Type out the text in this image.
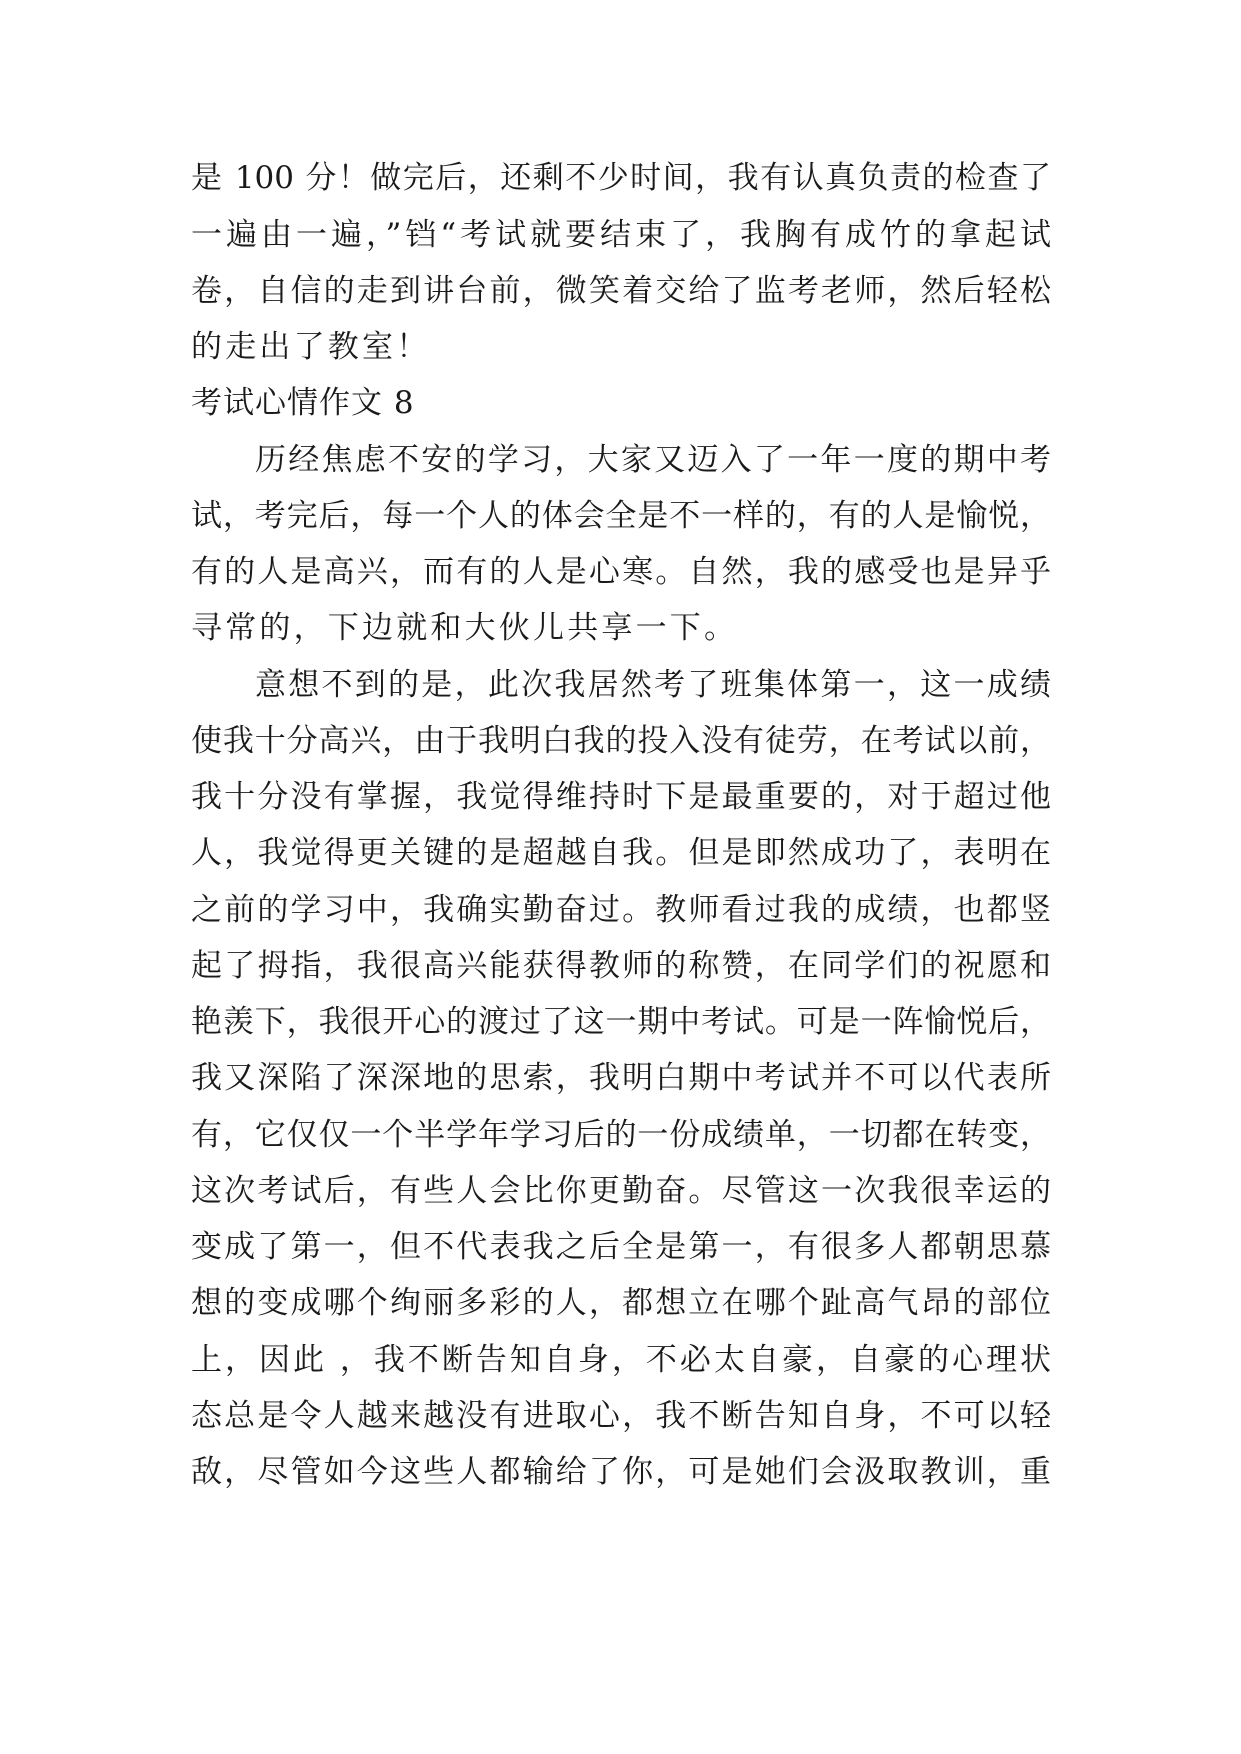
是 100 分！做完后，还剩不少时间，我有认真负责的检查了
一遍由一遍，”铛“考试就要结束了，我胸有成竹的拿起试
卷，自信的走到讲台前，微笑着交给了监考老师，然后轻松
的走出了教室！
考试心情作文 8
历经焦虑不安的学习，大家又迈入了一年一度的期中考
试，考完后，每一个人的体会全是不一样的，有的人是愉悦，
有的人是高兴，而有的人是心寒。自然，我的感受也是异乎
寻常的，下边就和大伙儿共享一下。
意想不到的是，此次我居然考了班集体第一，这一成绩
使我十分高兴，由于我明白我的投入没有徒劳，在考试以前，
我十分没有掌握，我觉得维持时下是最重要的，对于超过他
人，我觉得更关键的是超越自我。但是即然成功了，表明在
之前的学习中，我确实勤奋过。教师看过我的成绩，也都竖
起了拇指，我很高兴能获得教师的称赞，在同学们的祝愿和
艳羡下，我很开心的渡过了这一期中考试。可是一阵愉悦后，
我又深陷了深深地的思索，我明白期中考试并不可以代表所
有，它仅仅一个半学年学习后的一份成绩单，一切都在转变，
这次考试后，有些人会比你更勤奋。尽管这一次我很幸运的
变成了第一，但不代表我之后全是第一，有很多人都朝思慕
想的变成哪个绚丽多彩的人，都想立在哪个趾高气昂的部位
上，因此 ，我不断告知自身，不必太自豪，自豪的心理状
态总是令人越来越没有进取心，我不断告知自身，不可以轻
敌，尽管如今这些人都输给了你，可是她们会汲取教训，重
